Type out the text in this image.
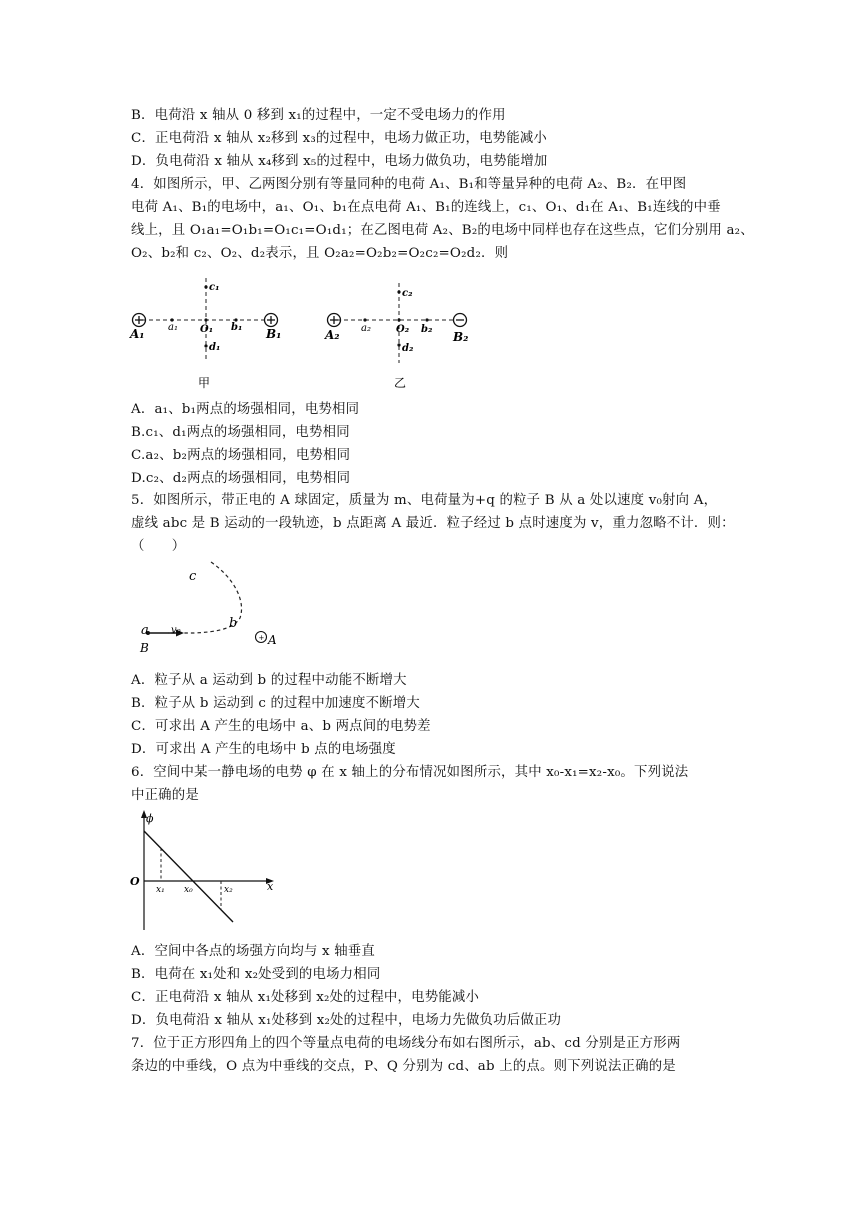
B．电荷沿 x 轴从 0 移到 x₁的过程中，一定不受电场力的作用
C．正电荷沿 x 轴从 x₂移到 x₃的过程中，电场力做正功，电势能减小
D．负电荷沿 x 轴从 x₄移到 x₅的过程中，电场力做负功，电势能增加
4．如图所示，甲、乙两图分别有等量同种的电荷 A₁、B₁和等量异种的电荷 A₂、B₂．在甲图
电荷 A₁、B₁的电场中，a₁、O₁、b₁在点电荷 A₁、B₁的连线上，c₁、O₁、d₁在 A₁、B₁连线的中垂
线上，且 O₁a₁=O₁b₁=O₁c₁=O₁d₁；在乙图电荷 A₂、B₂的电场中同样也存在这些点，它们分别用 a₂、
O₂、b₂和 c₂、O₂、d₂表示，且 O₂a₂=O₂b₂=O₂c₂=O₂d₂．则
A₁	B₁
a₁ O₁ b₁
c₁
d₁
甲
A₂	B₂
a₂	O₂ b₂
c₂
d₂
乙
A．a₁、b₁两点的场强相同，电势相同
B.c₁、d₁两点的场强相同，电势相同
C.a₂、b₂两点的场强相同，电势相同
D.c₂、d₂两点的场强相同，电势相同
5．如图所示，带正电的 A 球固定，质量为 m、电荷量为+q 的粒子 B 从 a 处以速度 v₀射向 A，
虚线 abc 是 B 运动的一段轨迹，b 点距离 A 最近．粒子经过 b 点时速度为 v，重力忽略不计．则：
（　　）
+
a	b
c
v₀
B
A
A．粒子从 a 运动到 b 的过程中动能不断增大
B．粒子从 b 运动到 c 的过程中加速度不断增大
C．可求出 A 产生的电场中 a、b 两点间的电势差
D．可求出 A 产生的电场中 b 点的电场强度
6．空间中某一静电场的电势 φ 在 x 轴上的分布情况如图所示，其中 x₀-x₁=x₂-x₀。下列说法
中正确的是
ϕ
O
x₁ x₀	x₂	x
A．空间中各点的场强方向均与 x 轴垂直
B．电荷在 x₁处和 x₂处受到的电场力相同
C．正电荷沿 x 轴从 x₁处移到 x₂处的过程中，电势能减小
D．负电荷沿 x 轴从 x₁处移到 x₂处的过程中，电场力先做负功后做正功
7．位于正方形四角上的四个等量点电荷的电场线分布如右图所示，ab、cd 分别是正方形两
条边的中垂线，O 点为中垂线的交点，P、Q 分别为 cd、ab 上的点。则下列说法正确的是
